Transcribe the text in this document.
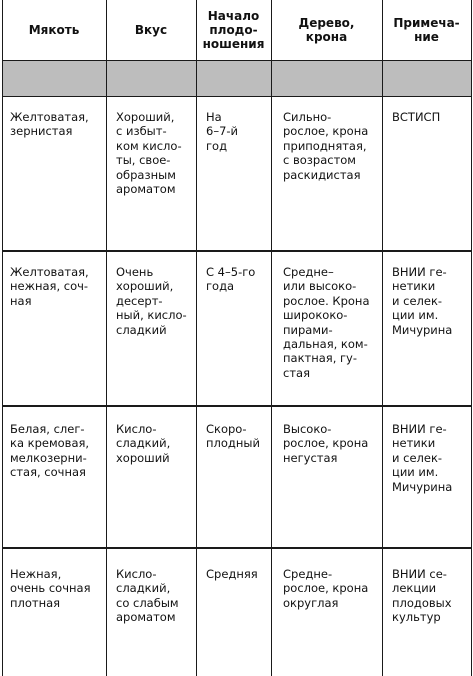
Мякоть	Вкус
Начало
плодо-
ношения
Дерево,
крона
Примеча-
ние
Желтоватая,
зернистая
Хороший,
с избыт-
ком кисло-
ты, свое-
образным
ароматом
На
6–7-й
год
Сильно-
рослое, крона
приподнятая,
с возрастом
раскидистая
ВСТИСП
Желтоватая,
нежная, соч-
ная
Очень
хороший,
десерт-
ный, кисло-
сладкий
С 4–5-го
года
Средне–
или высоко-
рослое. Крона
ширококо-
пирами-
дальная, ком-
пактная, гу-
стая
ВНИИ ге-
нетики
и селек-
ции им.
Мичурина
Белая, слег-
ка кремовая,
мелкозерни-
стая, сочная
Кисло-
сладкий,
хороший
Скоро-
плодный
Высоко-
рослое, крона
негустая
ВНИИ ге-
нетики
и селек-
ции им.
Мичурина
Нежная,
очень сочная
плотная
Кисло-
сладкий,
со слабым
ароматом
Средняя	Средне-
рослое, крона
округлая
ВНИИ се-
лекции
плодовых
культур
